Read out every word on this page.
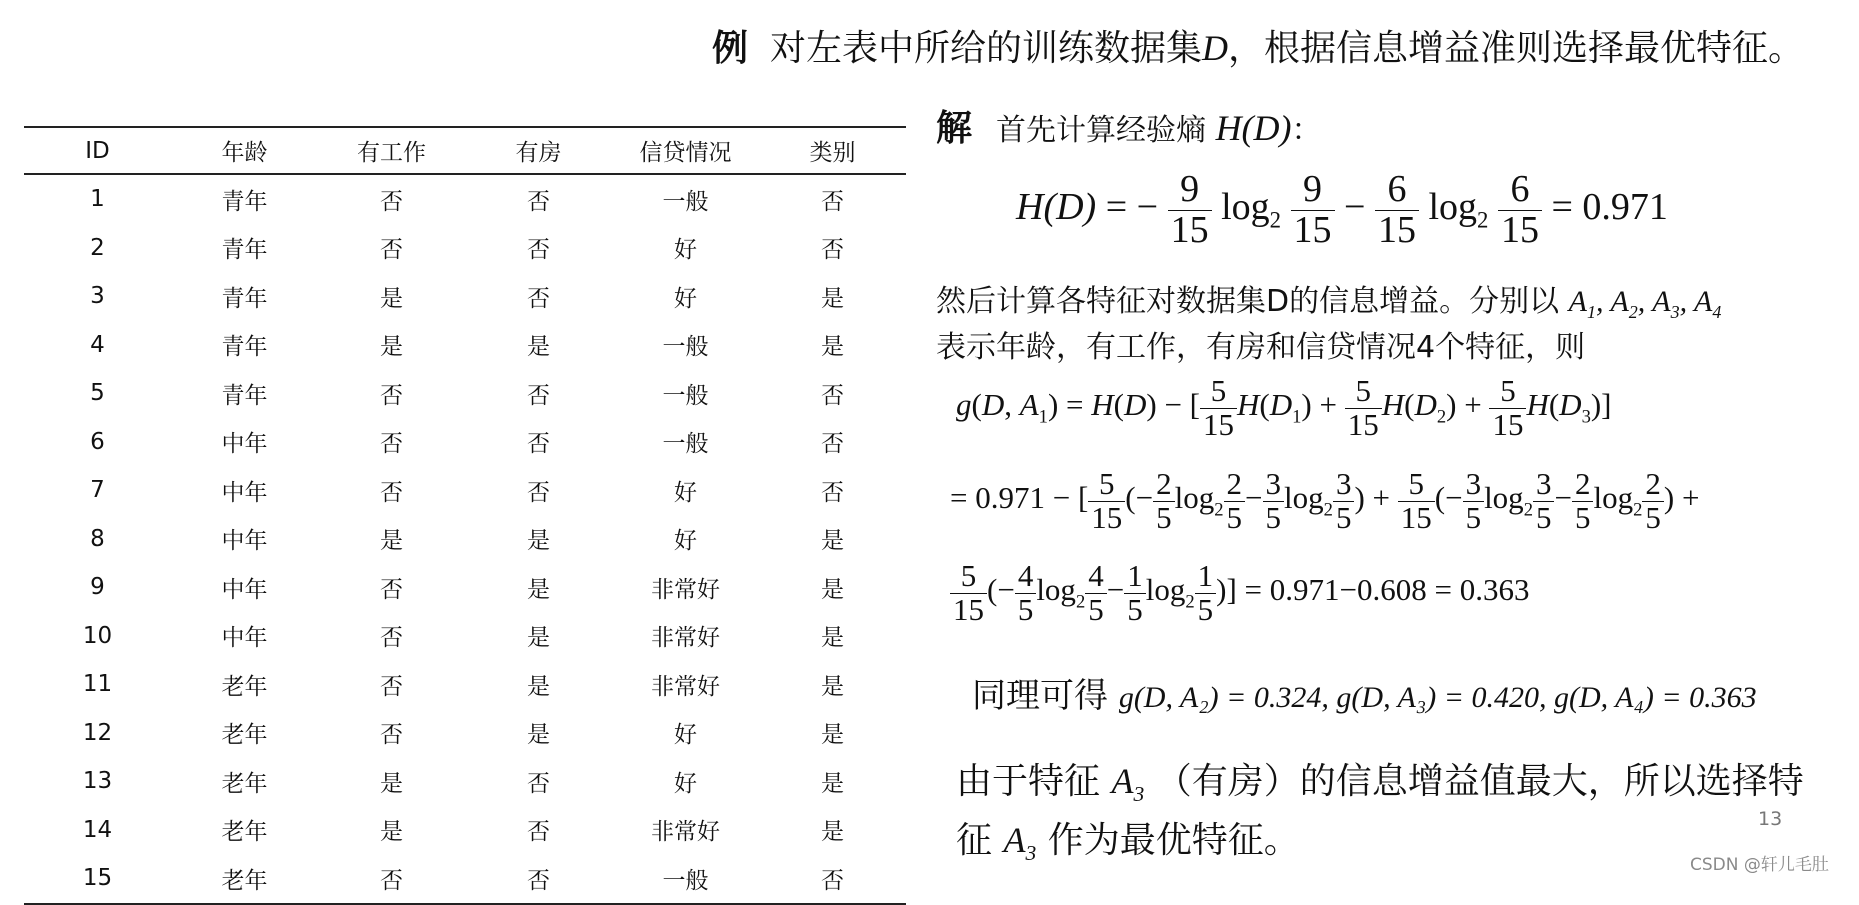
例 对左表中所给的训练数据集D，根据信息增益准则选择最优特征。
ID	年龄	有工作	有房	信贷情况	类别
1	青年	否	否	一般	否
2	青年	否	否	好	否
3	青年	是	否	好	是
4	青年	是	是	一般	是
5	青年	否	否	一般	否
6	中年	否	否	一般	否
7	中年	否	否	好	否
8	中年	是	是	好	是
9	中年	否	是	非常好	是
10	中年	否	是	非常好	是
11	老年	否	是	非常好	是
12	老年	否	是	好	是
13	老年	是	否	好	是
14	老年	是	否	非常好	是
15	老年	否	否	一般	否
解 首先计算经验熵 H(D)：
H(D) = − $\frac{9}{15} \log_2 \frac{9}{15} - \frac{6}{15} \log_2 \frac{6}{15} = 0.971$
然后计算各特征对数据集D的信息增益。分别以 $A_1$, $A_2$, $A_3$, $A_4$
表示年龄，有工作，有房和信贷情况4个特征，则
g(D, $A_1) = H(D)$ − [ $\frac{5}{15} H(D_1) + \frac{5}{15} H(D_2) + \frac{5}{15} H(D_3)$]
= 0.971 − [ $\frac{5}{15}$ (− $\frac{2}{5} \log_2 \frac{2}{5} - \frac{3}{5} \log_2 \frac{3}{5}$ ) + $\frac{5}{15}$ (− $\frac{3}{5} \log_2 \frac{3}{5} - \frac{2}{5} \log_2 \frac{2}{5}$ ) +
$\frac{5}{15}$ (− $\frac{4}{5} \log_2 \frac{4}{5} - \frac{1}{5} \log_2 \frac{1}{5}$ )] = 0.971−0.608 = 0.363
同理可得 g(D, A₂) = 0.324, g(D, A₃) = 0.420, g(D, A₄) = 0.363
由于特征 $A_3$ （有房）的信息增益值最大，所以选择特
征 $A_3$ 作为最优特征。
13
CSDN @轩儿毛肚
